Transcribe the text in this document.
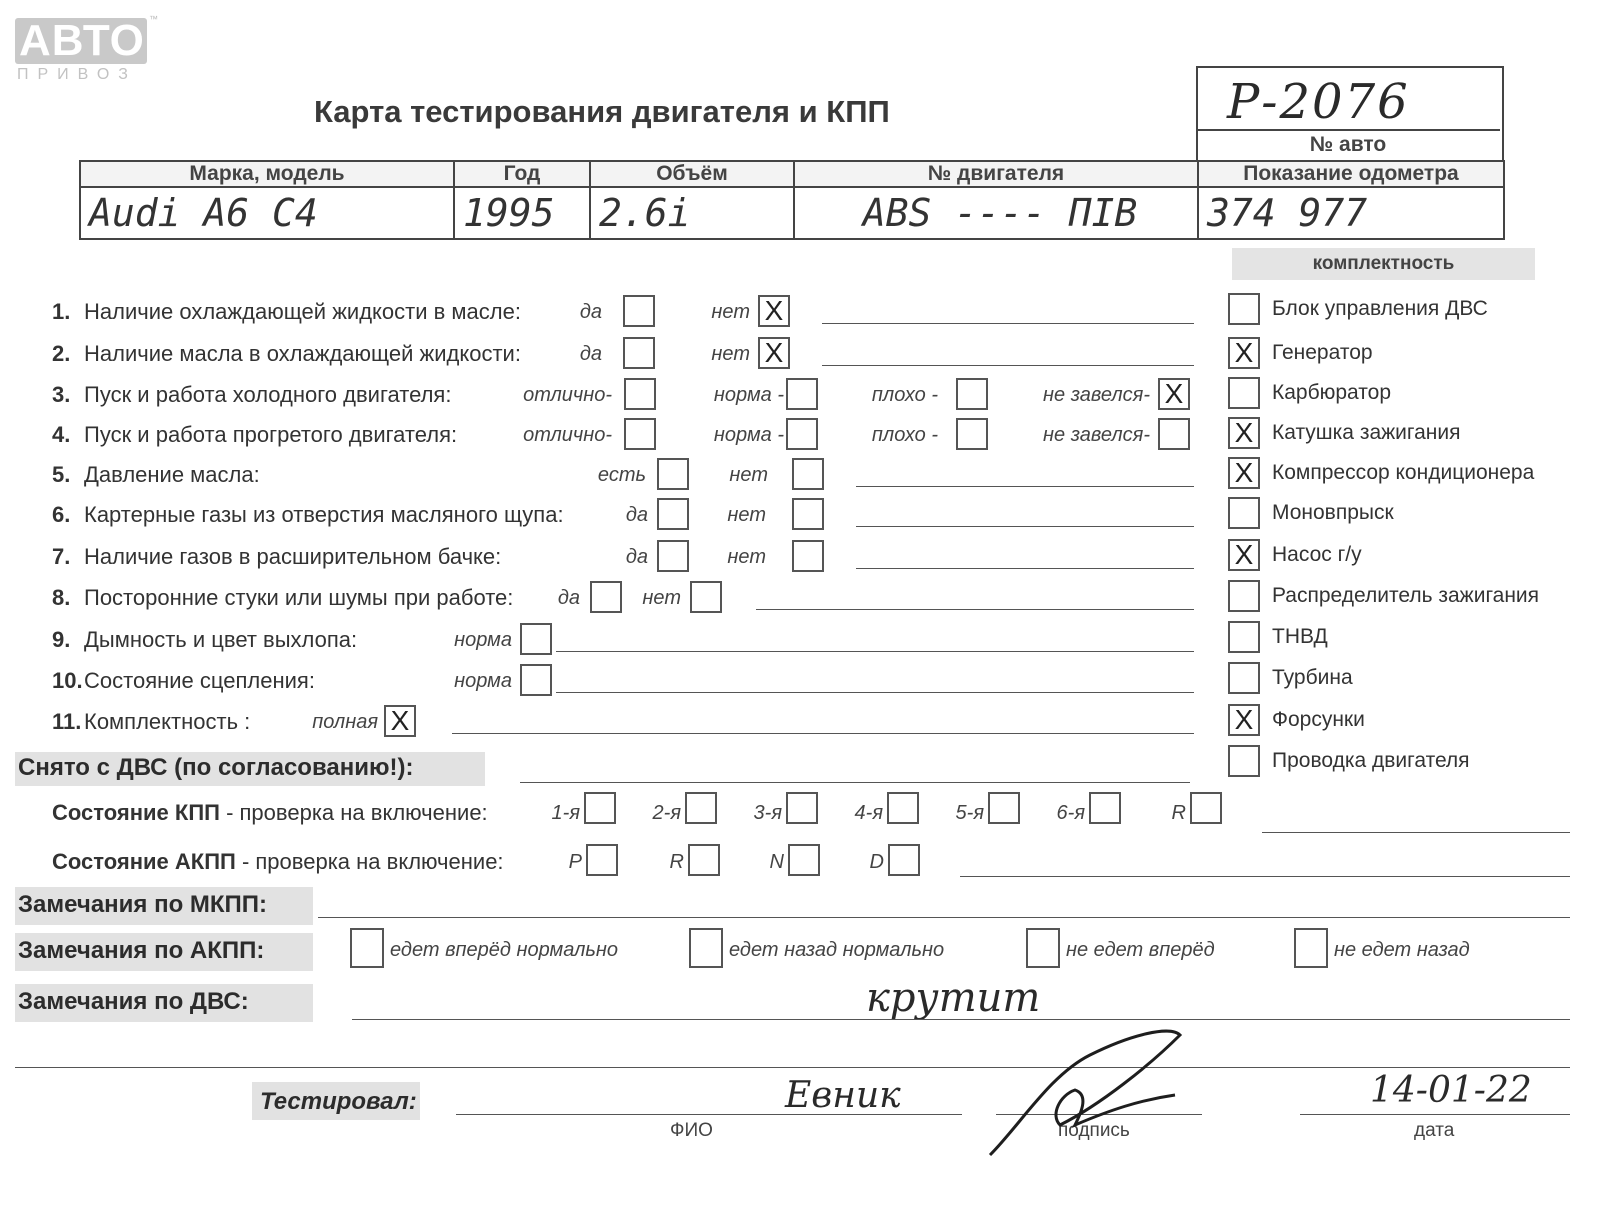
АВТО ™
ПРИВОЗ
Карта тестирования двигателя и КПП	Р-2076
№ авто
Марка, модель	Год	Объём	№ двигателя	Показание одометра
Audi A6 C4	1995	2.6i	ABS ---- ПIB	374 977
комплектность
Блок управления ДВС
X Генератор
Карбюратор
X Катушка зажигания
X Компрессор кондиционера
Моновпрыск
X Насос г/у
Распределитель зажигания
ТНВД
Турбина
X Форсунки
Проводка двигателя
1. Наличие охлаждающей жидкости в масле:	да	нет X
2. Наличие масла в охлаждающей жидкости:	да	нет X
3. Пуск и работа холодного двигателя:	отлично-	норма -	плохо -	не завелся- X
4. Пуск и работа прогретого двигателя:	отлично-	норма -	плохо -	не завелся-
5. Давление масла:	есть	нет
6. Картерные газы из отверстия масляного щупа:	да	нет
7. Наличие газов в расширительном бачке:	да	нет
8. Посторонние стуки или шумы при работе: да	нет
9. Дымность и цвет выхлопа:	норма
10. Состояние сцепления:	норма
11. Комплектность :	полная X
Снято с ДВС (по согласованию!):
Состояние КПП - проверка на включение:	1-я	2-я	3-я	4-я	5-я	6-я	R
Состояние АКПП - проверка на включение:	P	R	N	D
Замечания по МКПП:
Замечания по АКПП:	едет вперёд нормально	едет назад нормально	не едет вперёд	не едет назад
Замечания по ДВС:	крутит
Тестировал:	Евник
ФИО	подпись	дата
14-01-22
